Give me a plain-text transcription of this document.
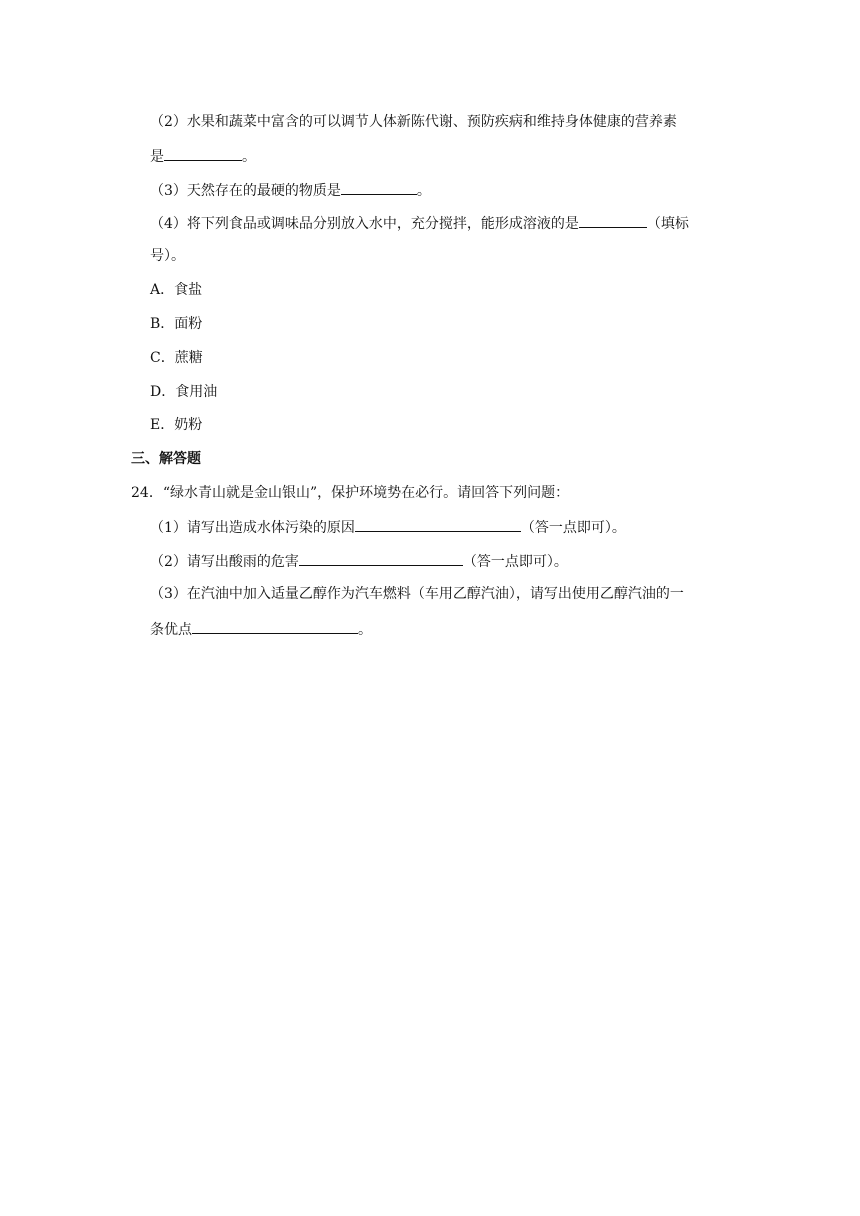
（2）水果和蔬菜中富含的可以调节人体新陈代谢、预防疾病和维持身体健康的营养素
是	。
（3）天然存在的最硬的物质是	。
（4）将下列食品或调味品分别放入水中，充分搅拌，能形成溶液的是	（填标
号）。
A．食盐
B．面粉
C．蔗糖
D．食用油
E．奶粉
三、解答题
24．“绿水青山就是金山银山”，保护环境势在必行。请回答下列问题：
（1）请写出造成水体污染的原因	（答一点即可）。
（2）请写出酸雨的危害	（答一点即可）。
（3）在汽油中加入适量乙醇作为汽车燃料（车用乙醇汽油），请写出使用乙醇汽油的一
条优点	。
